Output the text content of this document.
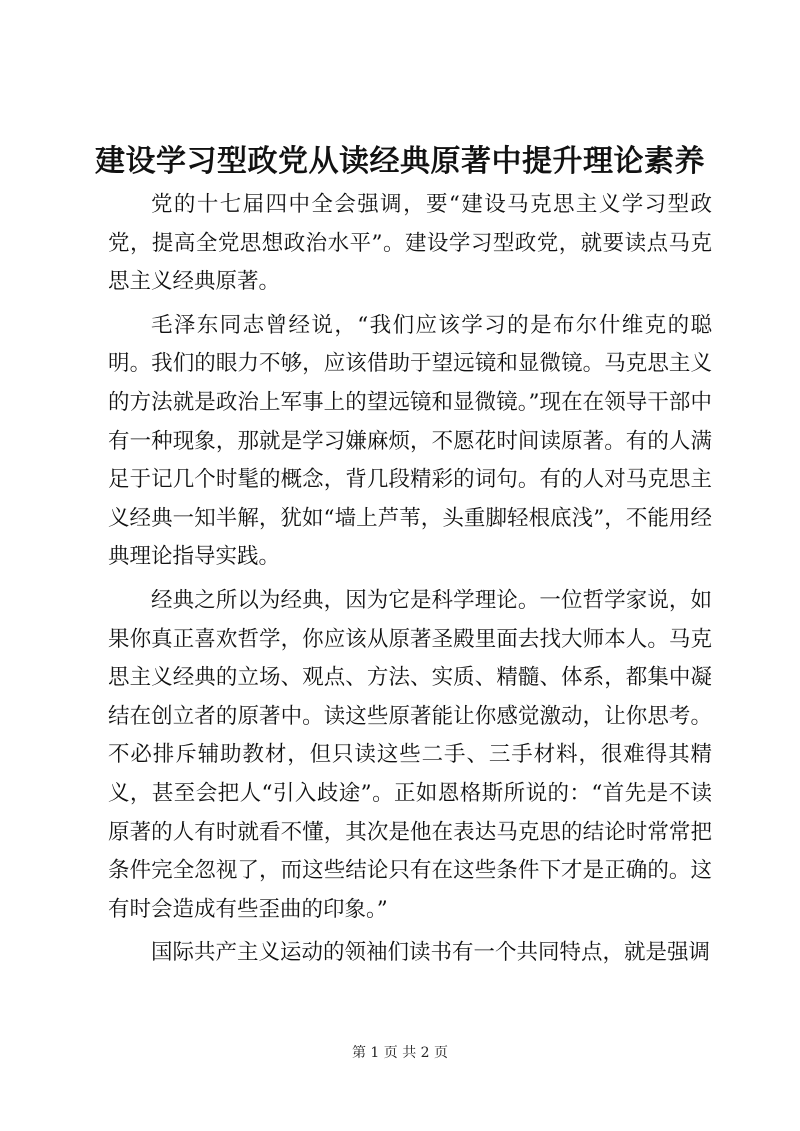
建设学习型政党从读经典原著中提升理论素养

党的十七届四中全会强调，要“建设马克思主义学习型政党，提高全党思想政治水平”。建设学习型政党，就要读点马克思主义经典原著。

毛泽东同志曾经说，“我们应该学习的是布尔什维克的聪明。我们的眼力不够，应该借助于望远镜和显微镜。马克思主义的方法就是政治上军事上的望远镜和显微镜。”现在在领导干部中有一种现象，那就是学习嫌麻烦，不愿花时间读原著。有的人满足于记几个时髦的概念，背几段精彩的词句。有的人对马克思主义经典一知半解，犹如“墙上芦苇，头重脚轻根底浅”，不能用经典理论指导实践。

经典之所以为经典，因为它是科学理论。一位哲学家说，如果你真正喜欢哲学，你应该从原著圣殿里面去找大师本人。马克思主义经典的立场、观点、方法、实质、精髓、体系，都集中凝结在创立者的原著中。读这些原著能让你感觉激动，让你思考。不必排斥辅助教材，但只读这些二手、三手材料，很难得其精义，甚至会把人“引入歧途”。正如恩格斯所说的：“首先是不读原著的人有时就看不懂，其次是他在表达马克思的结论时常常把条件完全忽视了，而这些结论只有在这些条件下才是正确的。这有时会造成有些歪曲的印象。”

国际共产主义运动的领袖们读书有一个共同特点，就是强调

第 1 页 共 2 页
